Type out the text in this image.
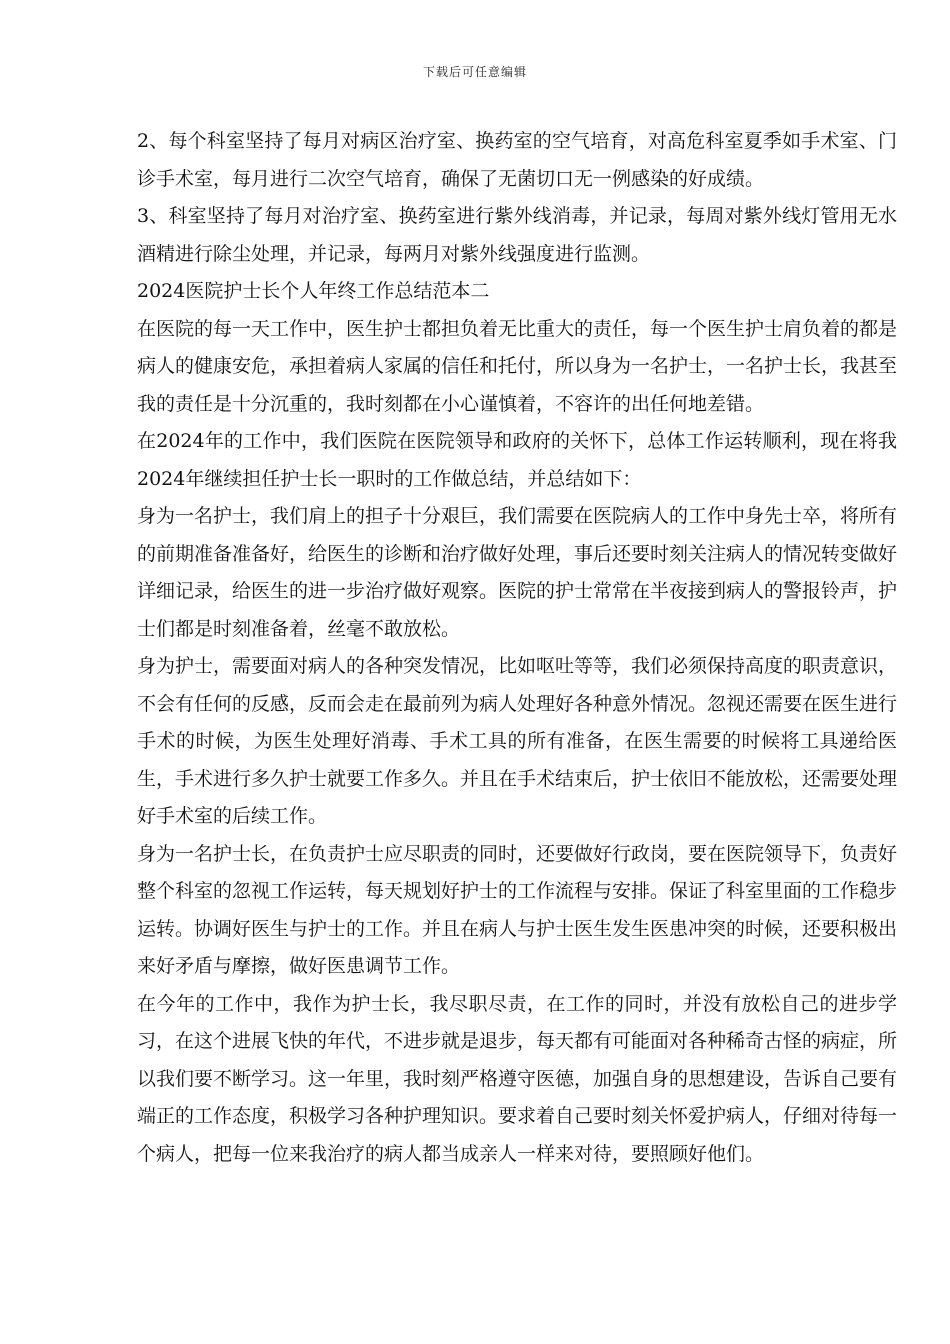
下载后可任意编辑

2、每个科室坚持了每月对病区治疗室、换药室的空气培育，对高危科室夏季如手术室、门诊手术室，每月进行二次空气培育，确保了无菌切口无一例感染的好成绩。

3、科室坚持了每月对治疗室、换药室进行紫外线消毒，并记录，每周对紫外线灯管用无水酒精进行除尘处理，并记录，每两月对紫外线强度进行监测。

2024医院护士长个人年终工作总结范本二

在医院的每一天工作中，医生护士都担负着无比重大的责任，每一个医生护士肩负着的都是病人的健康安危，承担着病人家属的信任和托付，所以身为一名护士，一名护士长，我甚至我的责任是十分沉重的，我时刻都在小心谨慎着，不容许的出任何地差错。

在2024年的工作中，我们医院在医院领导和政府的关怀下，总体工作运转顺利，现在将我2024年继续担任护士长一职时的工作做总结，并总结如下：

身为一名护士，我们肩上的担子十分艰巨，我们需要在医院病人的工作中身先士卒，将所有的前期准备准备好，给医生的诊断和治疗做好处理，事后还要时刻关注病人的情况转变做好详细记录，给医生的进一步治疗做好观察。医院的护士常常在半夜接到病人的警报铃声，护士们都是时刻准备着，丝毫不敢放松。

身为护士，需要面对病人的各种突发情况，比如呕吐等等，我们必须保持高度的职责意识，不会有任何的反感，反而会走在最前列为病人处理好各种意外情况。忽视还需要在医生进行手术的时候，为医生处理好消毒、手术工具的所有准备，在医生需要的时候将工具递给医生，手术进行多久护士就要工作多久。并且在手术结束后，护士依旧不能放松，还需要处理好手术室的后续工作。

身为一名护士长，在负责护士应尽职责的同时，还要做好行政岗，要在医院领导下，负责好整个科室的忽视工作运转，每天规划好护士的工作流程与安排。保证了科室里面的工作稳步运转。协调好医生与护士的工作。并且在病人与护士医生发生医患冲突的时候，还要积极出来好矛盾与摩擦，做好医患调节工作。

在今年的工作中，我作为护士长，我尽职尽责，在工作的同时，并没有放松自己的进步学习，在这个进展飞快的年代，不进步就是退步，每天都有可能面对各种稀奇古怪的病症，所以我们要不断学习。这一年里，我时刻严格遵守医德，加强自身的思想建设，告诉自己要有端正的工作态度，积极学习各种护理知识。要求着自己要时刻关怀爱护病人，仔细对待每一个病人，把每一位来我治疗的病人都当成亲人一样来对待，要照顾好他们。
